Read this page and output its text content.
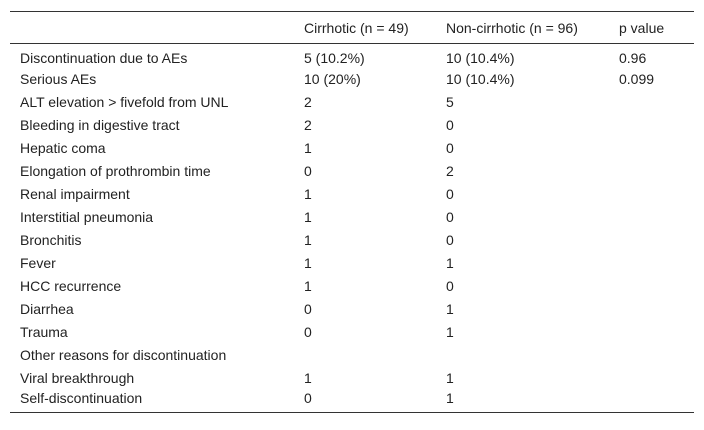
	Cirrhotic (n = 49)	Non-cirrhotic (n = 96)	p value
Discontinuation due to AEs	5 (10.2%)	10 (10.4%)	0.96
Serious AEs	10 (20%)	10 (10.4%)	0.099
ALT elevation > fivefold from UNL	2	5	
Bleeding in digestive tract	2	0	
Hepatic coma	1	0	
Elongation of prothrombin time	0	2	
Renal impairment	1	0	
Interstitial pneumonia	1	0	
Bronchitis	1	0	
Fever	1	1	
HCC recurrence	1	0	
Diarrhea	0	1	
Trauma	0	1	
Other reasons for discontinuation			
Viral breakthrough	1	1	
Self-discontinuation	0	1	
